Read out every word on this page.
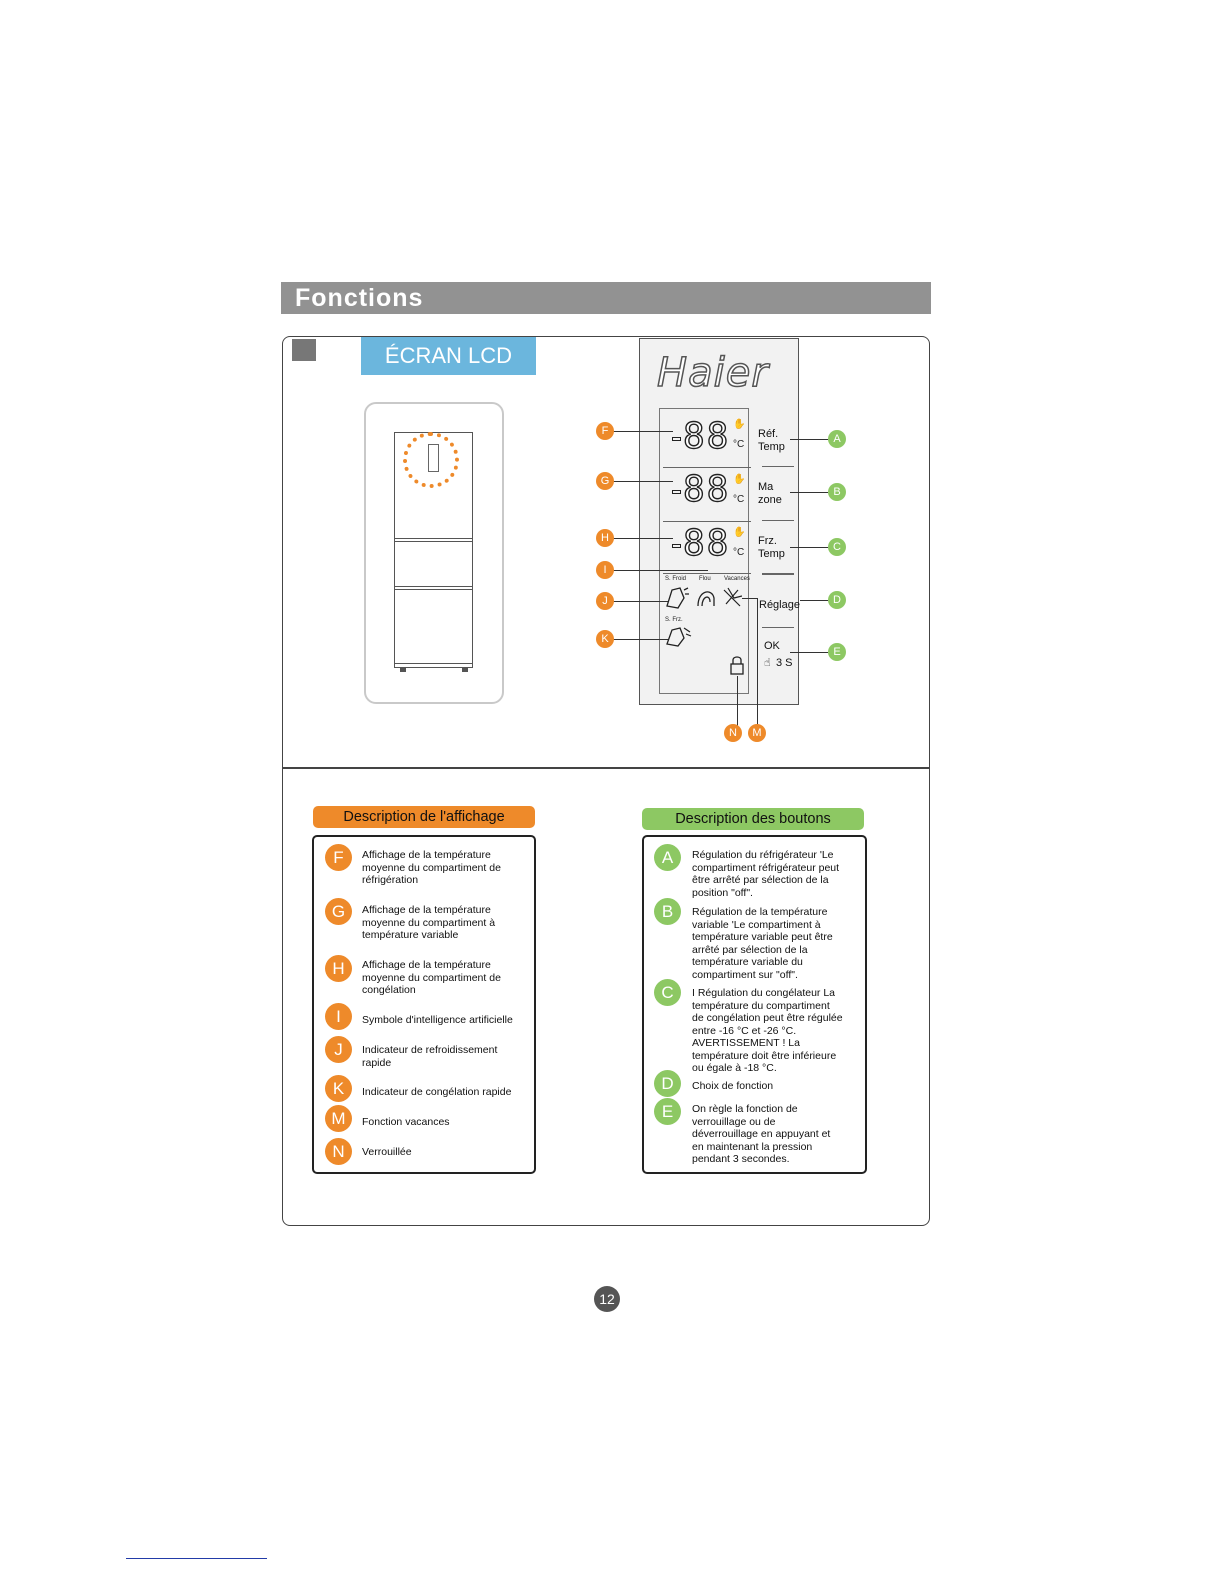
Fonctions
ÉCRAN LCD	Haier
88 ✋
°C
88 ✋
°C
88 ✋
°C
S. Froid Flou Vacances
S. Frz.
Réf.
Temp
Ma
zone
Frz.
Temp
Réglage
OK
☝ 3 S
F
G
H
I
J
K
N	M
A
B
C
D
E
Description de l'affichage
F	Affichage de la température
moyenne du compartiment de
réfrigération
G	Affichage de la température
moyenne du compartiment à
température variable
H	Affichage de la température
moyenne du compartiment de
congélation
I	Symbole d'intelligence artificielle
J	Indicateur de refroidissement
rapide
K	Indicateur de congélation rapide
M	Fonction vacances
N	Verrouillée
Description des boutons
A	Régulation du réfrigérateur 'Le
compartiment réfrigérateur peut
être arrêté par sélection de la
position "off".
B	Régulation de la température
variable 'Le compartiment à
température variable peut être
arrêté par sélection de la
température variable du
compartiment sur "off".
C	I Régulation du congélateur La
température du compartiment
de congélation peut être régulée
entre -16 °C et -26 °C.
AVERTISSEMENT ! La
température doit être inférieure
ou égale à -18 °C.
D	Choix de fonction
E	On règle la fonction de
verrouillage ou de
déverrouillage en appuyant et
en maintenant la pression
pendant 3 secondes.
12
